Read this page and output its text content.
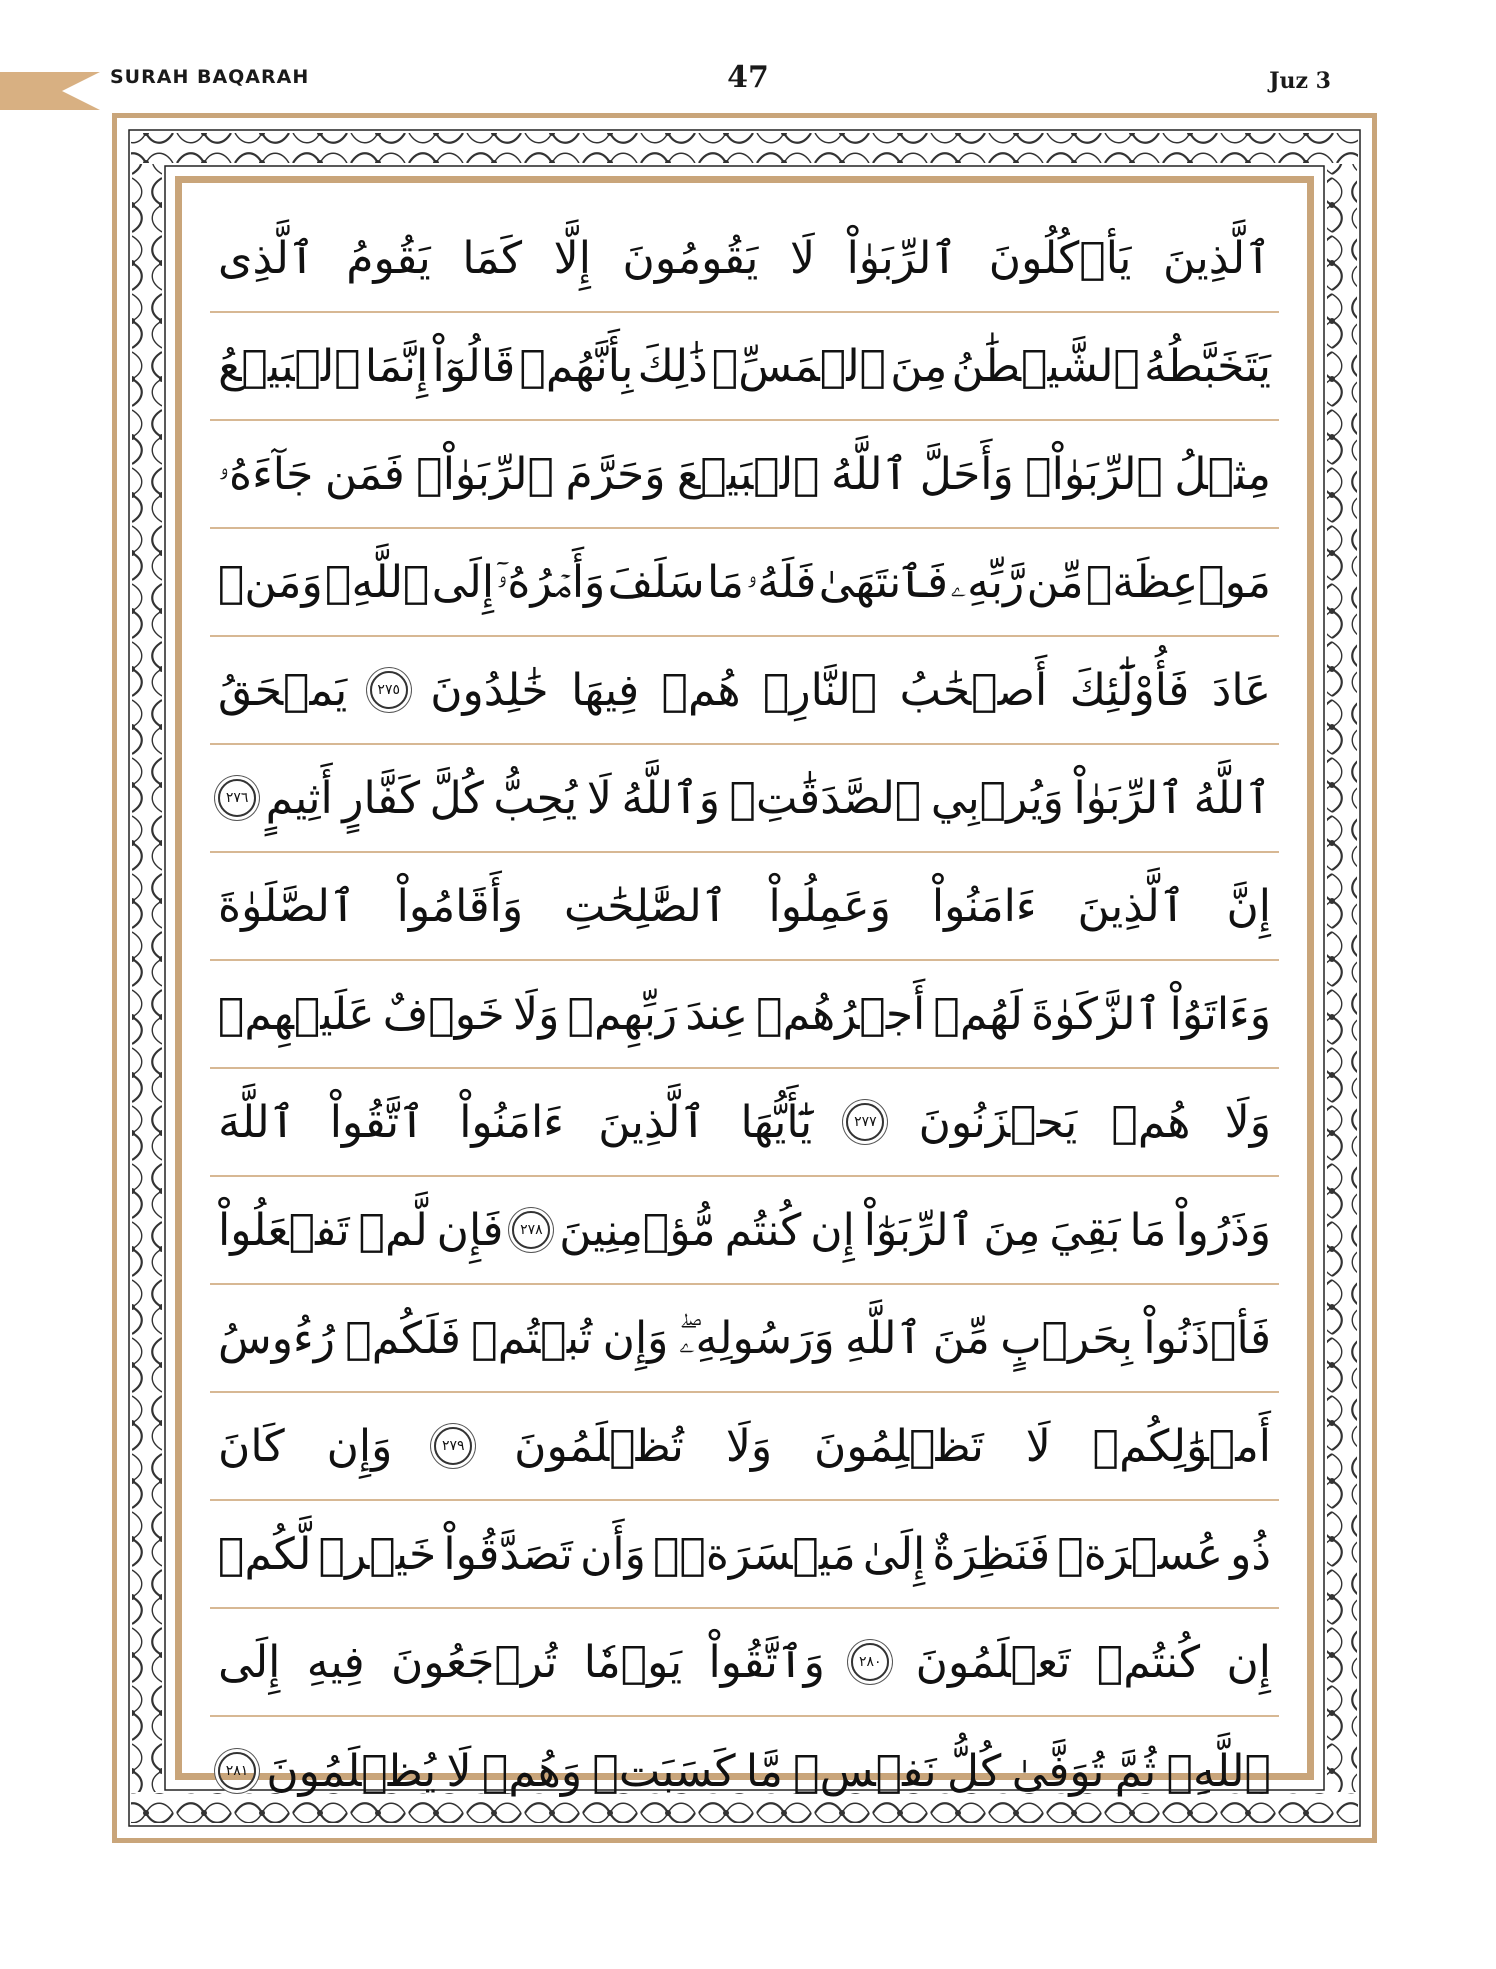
SURAH BAQARAH	47	Juz 3
ٱلَّذِينَ
يَأۡكُلُونَ
ٱلرِّبَوٰاْ
لَا
يَقُومُونَ
إِلَّا
كَمَا
يَقُومُ
ٱلَّذِى
يَتَخَبَّطُهُ
ٱلشَّيۡطَٰنُ
مِنَ
ٱلۡمَسِّۚ
ذَٰلِكَ
بِأَنَّهُمۡ
قَالُوٓاْ
إِنَّمَا
ٱلۡبَيۡعُ
مِثۡلُ
ٱلرِّبَوٰاْۗ
وَأَحَلَّ
ٱللَّهُ
ٱلۡبَيۡعَ
وَحَرَّمَ
ٱلرِّبَوٰاْۚ
فَمَن
جَآءَهُۥ
مَوۡعِظَةٞ
مِّن
رَّبِّهِۦ
فَٱنتَهَىٰ
فَلَهُۥ
مَا
سَلَفَ
وَأَمۡرُهُۥٓ
إِلَى
ٱللَّهِۖ
وَمَنۡ
عَادَ
فَأُوْلَٰٓئِكَ
أَصۡحَٰبُ
ٱلنَّارِۖ
هُمۡ
فِيهَا
خَٰلِدُونَ
٢٧٥
يَمۡحَقُ
ٱللَّهُ
ٱلرِّبَوٰاْ
وَيُرۡبِي
ٱلصَّدَقَٰتِۗ
وَٱللَّهُ
لَا
يُحِبُّ
كُلَّ
كَفَّارٍ
أَثِيمٍ
٢٧٦
إِنَّ
ٱلَّذِينَ
ءَامَنُواْ
وَعَمِلُواْ
ٱلصَّٰلِحَٰتِ
وَأَقَامُواْ
ٱلصَّلَوٰةَ
وَءَاتَوُاْ
ٱلزَّكَوٰةَ
لَهُمۡ
أَجۡرُهُمۡ
عِندَ
رَبِّهِمۡ
وَلَا
خَوۡفٌ
عَلَيۡهِمۡ
وَلَا
هُمۡ
يَحۡزَنُونَ
٢٧٧
يَٰٓأَيُّهَا
ٱلَّذِينَ
ءَامَنُواْ
ٱتَّقُواْ
ٱللَّهَ
وَذَرُواْ
مَا
بَقِيَ
مِنَ
ٱلرِّبَوٰٓاْ
إِن
كُنتُم
مُّؤۡمِنِينَ
٢٧٨
فَإِن
لَّمۡ
تَفۡعَلُواْ
فَأۡذَنُواْ
بِحَرۡبٍ
مِّنَ
ٱللَّهِ
وَرَسُولِهِۦۖ
وَإِن
تُبۡتُمۡ
فَلَكُمۡ
رُءُوسُ
أَمۡوَٰلِكُمۡ
لَا
تَظۡلِمُونَ
وَلَا
تُظۡلَمُونَ
٢٧٩
وَإِن
كَانَ
ذُو
عُسۡرَةٖ
فَنَظِرَةٌ
إِلَىٰ
مَيۡسَرَةٖۚ
وَأَن
تَصَدَّقُواْ
خَيۡرٞ
لَّكُمۡ
إِن
كُنتُمۡ
تَعۡلَمُونَ
٢٨٠
وَٱتَّقُواْ
يَوۡمٗا
تُرۡجَعُونَ
فِيهِ
إِلَى
ٱللَّهِۖ
ثُمَّ
تُوَفَّىٰ
كُلُّ
نَفۡسٖ
مَّا
كَسَبَتۡ
وَهُمۡ
لَا
يُظۡلَمُونَ
٢٨١
